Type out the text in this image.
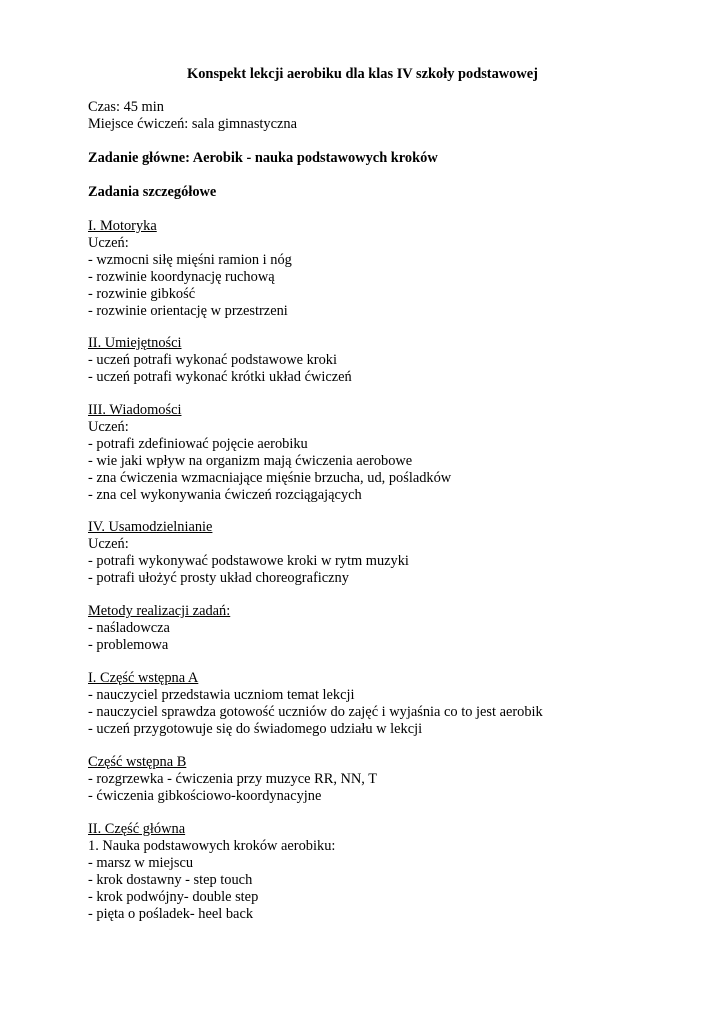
Konspekt lekcji aerobiku dla klas IV szkoły podstawowej
Czas: 45 min
Miejsce ćwiczeń: sala gimnastyczna
Zadanie główne: Aerobik - nauka podstawowych kroków
Zadania szczegółowe
I. Motoryka
Uczeń:
- wzmocni siłę mięśni ramion i nóg
- rozwinie koordynację ruchową
- rozwinie gibkość
- rozwinie orientację w przestrzeni
II. Umiejętności
- uczeń potrafi wykonać podstawowe kroki
- uczeń potrafi wykonać krótki układ ćwiczeń
III. Wiadomości
Uczeń:
- potrafi zdefiniować pojęcie aerobiku
- wie jaki wpływ na organizm mają ćwiczenia aerobowe
- zna ćwiczenia wzmacniające mięśnie brzucha, ud, pośladków
- zna cel wykonywania ćwiczeń rozciągających
IV. Usamodzielnianie
Uczeń:
- potrafi wykonywać podstawowe kroki w rytm muzyki
- potrafi ułożyć prosty układ choreograficzny
Metody realizacji zadań:
- naśladowcza
- problemowa
I. Część wstępna A
- nauczyciel przedstawia uczniom temat lekcji
- nauczyciel sprawdza gotowość uczniów do zajęć i wyjaśnia co to jest aerobik
- uczeń przygotowuje się do świadomego udziału w lekcji
Część wstępna B
- rozgrzewka - ćwiczenia przy muzyce RR, NN, T
- ćwiczenia gibkościowo-koordynacyjne
II. Część główna
1. Nauka podstawowych kroków aerobiku:
- marsz w miejscu
- krok dostawny - step touch
- krok podwójny- double step
- pięta o pośladek- heel back
